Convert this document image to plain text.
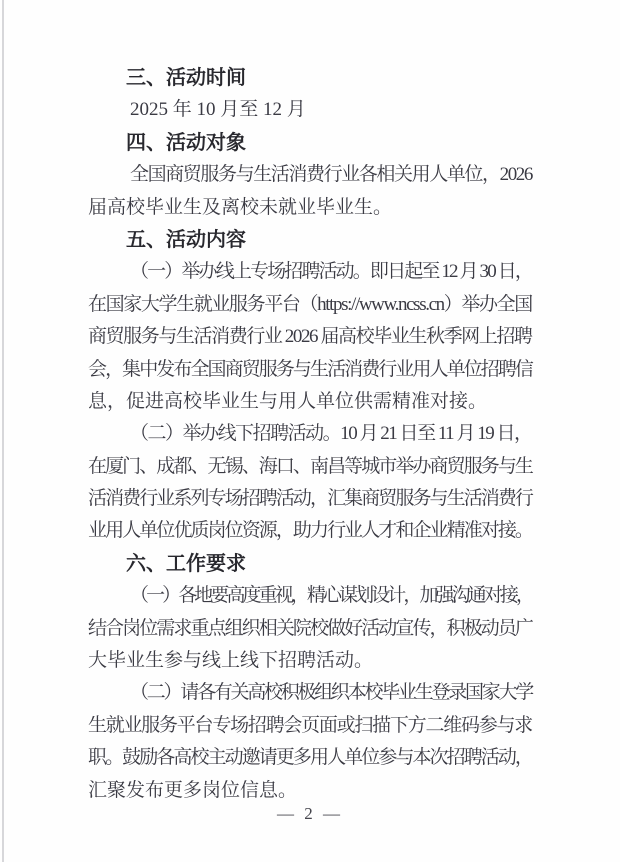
三、活动时间
2025 年 10 月至 12 月
四、活动对象
全国商贸服务与生活消费行业各相关用人单位，2026
届高校毕业生及离校未就业毕业生。
五、活动内容
（一）举办线上专场招聘活动。即日起至 12 月 30 日，
在国家大学生就业服务平台（https://www.ncss.cn）举办全国
商贸服务与生活消费行业 2026 届高校毕业生秋季网上招聘
会，集中发布全国商贸服务与生活消费行业用人单位招聘信
息，促进高校毕业生与用人单位供需精准对接。
（二）举办线下招聘活动。10 月 21 日至 11 月 19 日，
在厦门、成都、无锡、海口、南昌等城市举办商贸服务与生
活消费行业系列专场招聘活动，汇集商贸服务与生活消费行
业用人单位优质岗位资源，助力行业人才和企业精准对接。
六、工作要求
（一）各地要高度重视，精心谋划设计，加强沟通对接，
结合岗位需求重点组织相关院校做好活动宣传，积极动员广
大毕业生参与线上线下招聘活动。
（二）请各有关高校积极组织本校毕业生登录国家大学
生就业服务平台专场招聘会页面或扫描下方二维码参与求
职。鼓励各高校主动邀请更多用人单位参与本次招聘活动，
汇聚发布更多岗位信息。
— 2 —
